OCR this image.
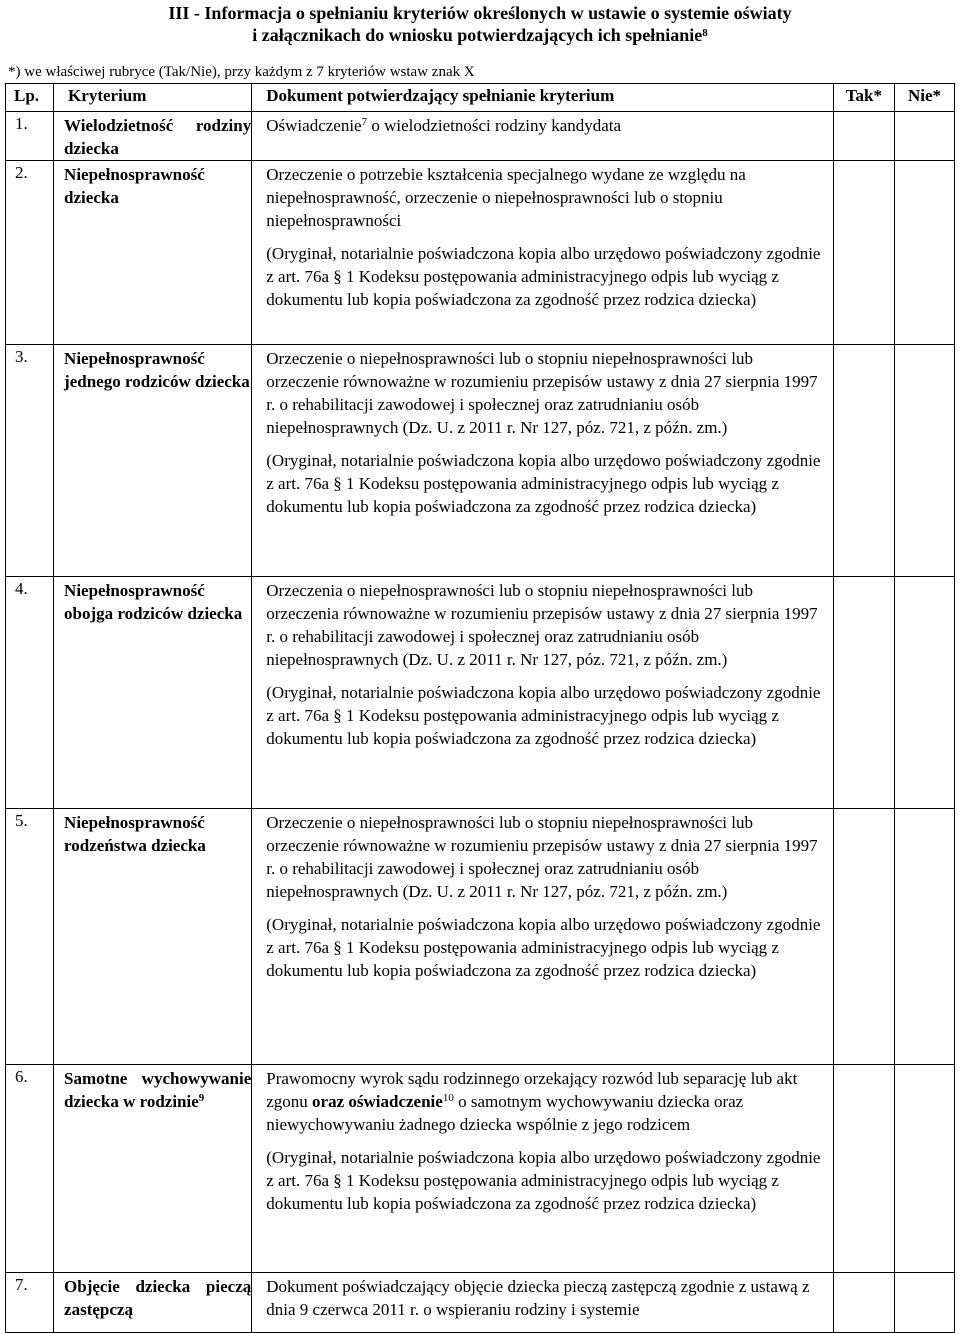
III - Informacja o spełnianiu kryteriów określonych w ustawie o systemie oświaty
i załącznikach do wniosku potwierdzających ich spełnianie$^8$
*) we właściwej rubryce (Tak/Nie), przy każdym z 7 kryteriów wstaw znak X
Lp.	Kryterium	Dokument potwierdzający spełnianie kryterium	Tak*	Nie*
1.	Wielodzietność rodziny dziecka	Oświadczenie$^7$ o wielodzietności rodziny kandydata		

2.	Niepełnosprawność dziecka	Orzeczenie o potrzebie kształcenia specjalnego wydane ze względu na niepełnosprawność, orzeczenie o niepełnosprawności lub o stopniu niepełnosprawności

(Oryginał, notarialnie poświadczona kopia albo urzędowo poświadczony zgodnie z art. 76a § 1 Kodeksu postępowania administracyjnego odpis lub wyciąg z dokumentu lub kopia poświadczona za zgodność przez rodzica dziecka)		

3.	Niepełnosprawność jednego rodziców dziecka	Orzeczenie o niepełnosprawności lub o stopniu niepełnosprawności lub orzeczenie równoważne w rozumieniu przepisów ustawy z dnia 27 sierpnia 1997 r. o rehabilitacji zawodowej i społecznej oraz zatrudnianiu osób niepełnosprawnych (Dz. U. z 2011 r. Nr 127, póz. 721, z późn. zm.)

(Oryginał, notarialnie poświadczona kopia albo urzędowo poświadczony zgodnie z art. 76a § 1 Kodeksu postępowania administracyjnego odpis lub wyciąg z dokumentu lub kopia poświadczona za zgodność przez rodzica dziecka)		

4.	Niepełnosprawność obojga rodziców dziecka	Orzeczenia o niepełnosprawności lub o stopniu niepełnosprawności lub orzeczenia równoważne w rozumieniu przepisów ustawy z dnia 27 sierpnia 1997 r. o rehabilitacji zawodowej i społecznej oraz zatrudnianiu osób niepełnosprawnych (Dz. U. z 2011 r. Nr 127, póz. 721, z późn. zm.)

(Oryginał, notarialnie poświadczona kopia albo urzędowo poświadczony zgodnie z art. 76a § 1 Kodeksu postępowania administracyjnego odpis lub wyciąg z dokumentu lub kopia poświadczona za zgodność przez rodzica dziecka)		

5.	Niepełnosprawność rodzeństwa dziecka	Orzeczenie o niepełnosprawności lub o stopniu niepełnosprawności lub orzeczenie równoważne w rozumieniu przepisów ustawy z dnia 27 sierpnia 1997 r. o rehabilitacji zawodowej i społecznej oraz zatrudnianiu osób niepełnosprawnych (Dz. U. z 2011 r. Nr 127, póz. 721, z późn. zm.)

(Oryginał, notarialnie poświadczona kopia albo urzędowo poświadczony zgodnie z art. 76a § 1 Kodeksu postępowania administracyjnego odpis lub wyciąg z dokumentu lub kopia poświadczona za zgodność przez rodzica dziecka)		

6.	Samotne wychowywanie dziecka w rodzinie$^9$	Prawomocny wyrok sądu rodzinnego orzekający rozwód lub separację lub akt zgonu oraz oświadczenie$^{10}$ o samotnym wychowywaniu dziecka oraz niewychowywaniu żadnego dziecka wspólnie z jego rodzicem

(Oryginał, notarialnie poświadczona kopia albo urzędowo poświadczony zgodnie z art. 76a § 1 Kodeksu postępowania administracyjnego odpis lub wyciąg z dokumentu lub kopia poświadczona za zgodność przez rodzica dziecka)		

7.	Objęcie dziecka pieczą zastępczą	Dokument poświadczający objęcie dziecka pieczą zastępczą zgodnie z ustawą z dnia 9 czerwca 2011 r. o wspieraniu rodziny i systemie		
